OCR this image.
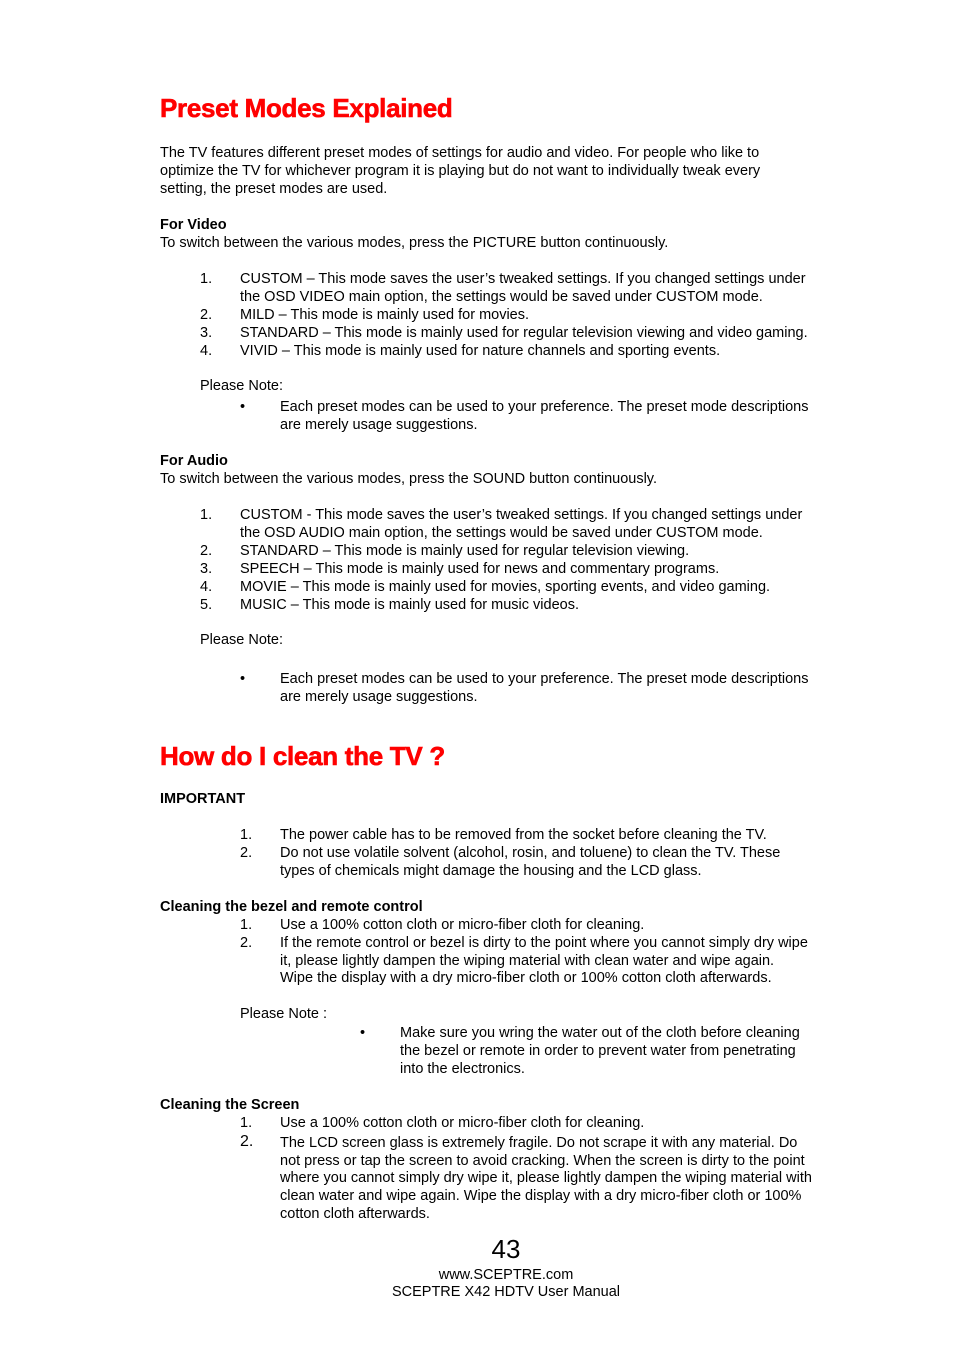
Preset Modes Explained
The TV features different preset modes of settings for audio and video. For people who like to
optimize the TV for whichever program it is playing but do not want to individually tweak every
setting, the preset modes are used.
For Video
To switch between the various modes, press the PICTURE button continuously.
1. CUSTOM – This mode saves the user’s tweaked settings. If you changed settings under
the OSD VIDEO main option, the settings would be saved under CUSTOM mode.
2. MILD – This mode is mainly used for movies.
3. STANDARD – This mode is mainly used for regular television viewing and video gaming.
4. VIVID – This mode is mainly used for nature channels and sporting events.
Please Note:
• Each preset modes can be used to your preference. The preset mode descriptions
are merely usage suggestions.
For Audio
To switch between the various modes, press the SOUND button continuously.
1. CUSTOM - This mode saves the user’s tweaked settings. If you changed settings under
the OSD AUDIO main option, the settings would be saved under CUSTOM mode.
2. STANDARD – This mode is mainly used for regular television viewing.
3. SPEECH – This mode is mainly used for news and commentary programs.
4. MOVIE – This mode is mainly used for movies, sporting events, and video gaming.
5. MUSIC – This mode is mainly used for music videos.
Please Note:
• Each preset modes can be used to your preference. The preset mode descriptions
are merely usage suggestions.
How do I clean the TV ?
IMPORTANT
1. The power cable has to be removed from the socket before cleaning the TV.
2. Do not use volatile solvent (alcohol, rosin, and toluene) to clean the TV. These
types of chemicals might damage the housing and the LCD glass.
Cleaning the bezel and remote control
1. Use a 100% cotton cloth or micro-fiber cloth for cleaning.
2. If the remote control or bezel is dirty to the point where you cannot simply dry wipe
it, please lightly dampen the wiping material with clean water and wipe again.
Wipe the display with a dry micro-fiber cloth or 100% cotton cloth afterwards.
Please Note :
• Make sure you wring the water out of the cloth before cleaning
the bezel or remote in order to prevent water from penetrating
into the electronics.
Cleaning the Screen
1. Use a 100% cotton cloth or micro-fiber cloth for cleaning.
2. The LCD screen glass is extremely fragile. Do not scrape it with any material. Do
not press or tap the screen to avoid cracking. When the screen is dirty to the point
where you cannot simply dry wipe it, please lightly dampen the wiping material with
clean water and wipe again. Wipe the display with a dry micro-fiber cloth or 100%
cotton cloth afterwards.
43
www.SCEPTRE.com
SCEPTRE X42 HDTV User Manual
